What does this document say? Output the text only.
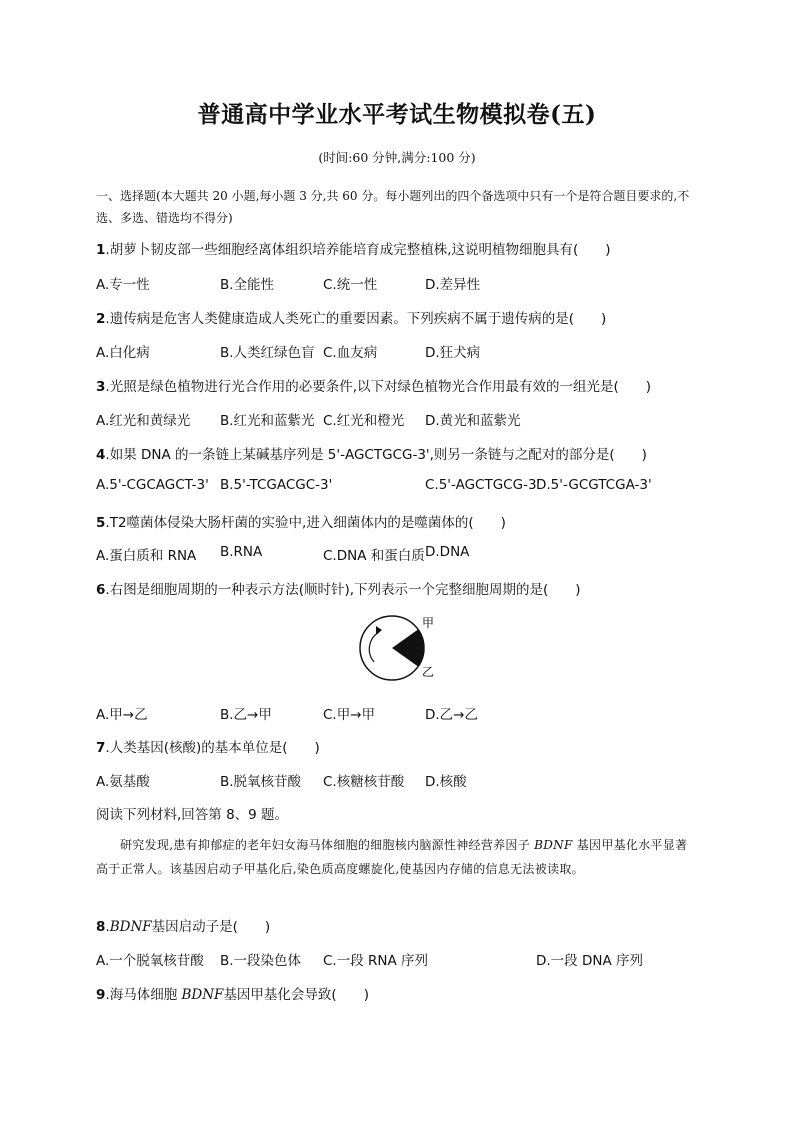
普通高中学业水平考试生物模拟卷(五)
(时间:60 分钟,满分:100 分)
一、选择题(本大题共 20 小题,每小题 3 分,共 60 分。每小题列出的四个备选项中只有一个是符合题目要求的,不选、多选、错选均不得分)
1.胡萝卜韧皮部一些细胞经离体组织培养能培育成完整植株,这说明植物细胞具有(　　)
A.专一性	B.全能性	C.统一性	D.差异性
2.遗传病是危害人类健康造成人类死亡的重要因素。下列疾病不属于遗传病的是(　　)
A.白化病	B.人类红绿色盲 C.血友病	D.狂犬病
3.光照是绿色植物进行光合作用的必要条件,以下对绿色植物光合作用最有效的一组光是(　　)
A.红光和黄绿光 B.红光和蓝紫光 C.红光和橙光 D.黄光和蓝紫光
4.如果 DNA 的一条链上某碱基序列是 5'-AGCTGCG-3',则另一条链与之配对的部分是(　　)
A.5'-CGCAGCT-3' B.5'-TCGACGC-3'	C.5'-AGCTGCG-3'
D.5'-GCGTCGA-3'
5.T2噬菌体侵染大肠杆菌的实验中,进入细菌体内的是噬菌体的(　　)
A.蛋白质和 RNA B.RNA	C.DNA 和蛋白质 D.DNA
6.右图是细胞周期的一种表示方法(顺时针),下列表示一个完整细胞周期的是(　　)
甲
乙
A.甲→乙	B.乙→甲	C.甲→甲	D.乙→乙
7.人类基因(核酸)的基本单位是(　　)
A.氨基酸	B.脱氧核苷酸 C.核糖核苷酸 D.核酸
阅读下列材料,回答第 8、9 题。
研究发现,患有抑郁症的老年妇女海马体细胞的细胞核内脑源性神经营养因子 BDNF 基因甲基化水平显著高于正常人。该基因启动子甲基化后,染色质高度螺旋化,使基因内存储的信息无法被读取。
8.BDNF基因启动子是(　　)
A.一个脱氧核苷酸 B.一段染色体 C.一段 RNA 序列	D.一段 DNA 序列
9.海马体细胞 BDNF基因甲基化会导致(　　)
